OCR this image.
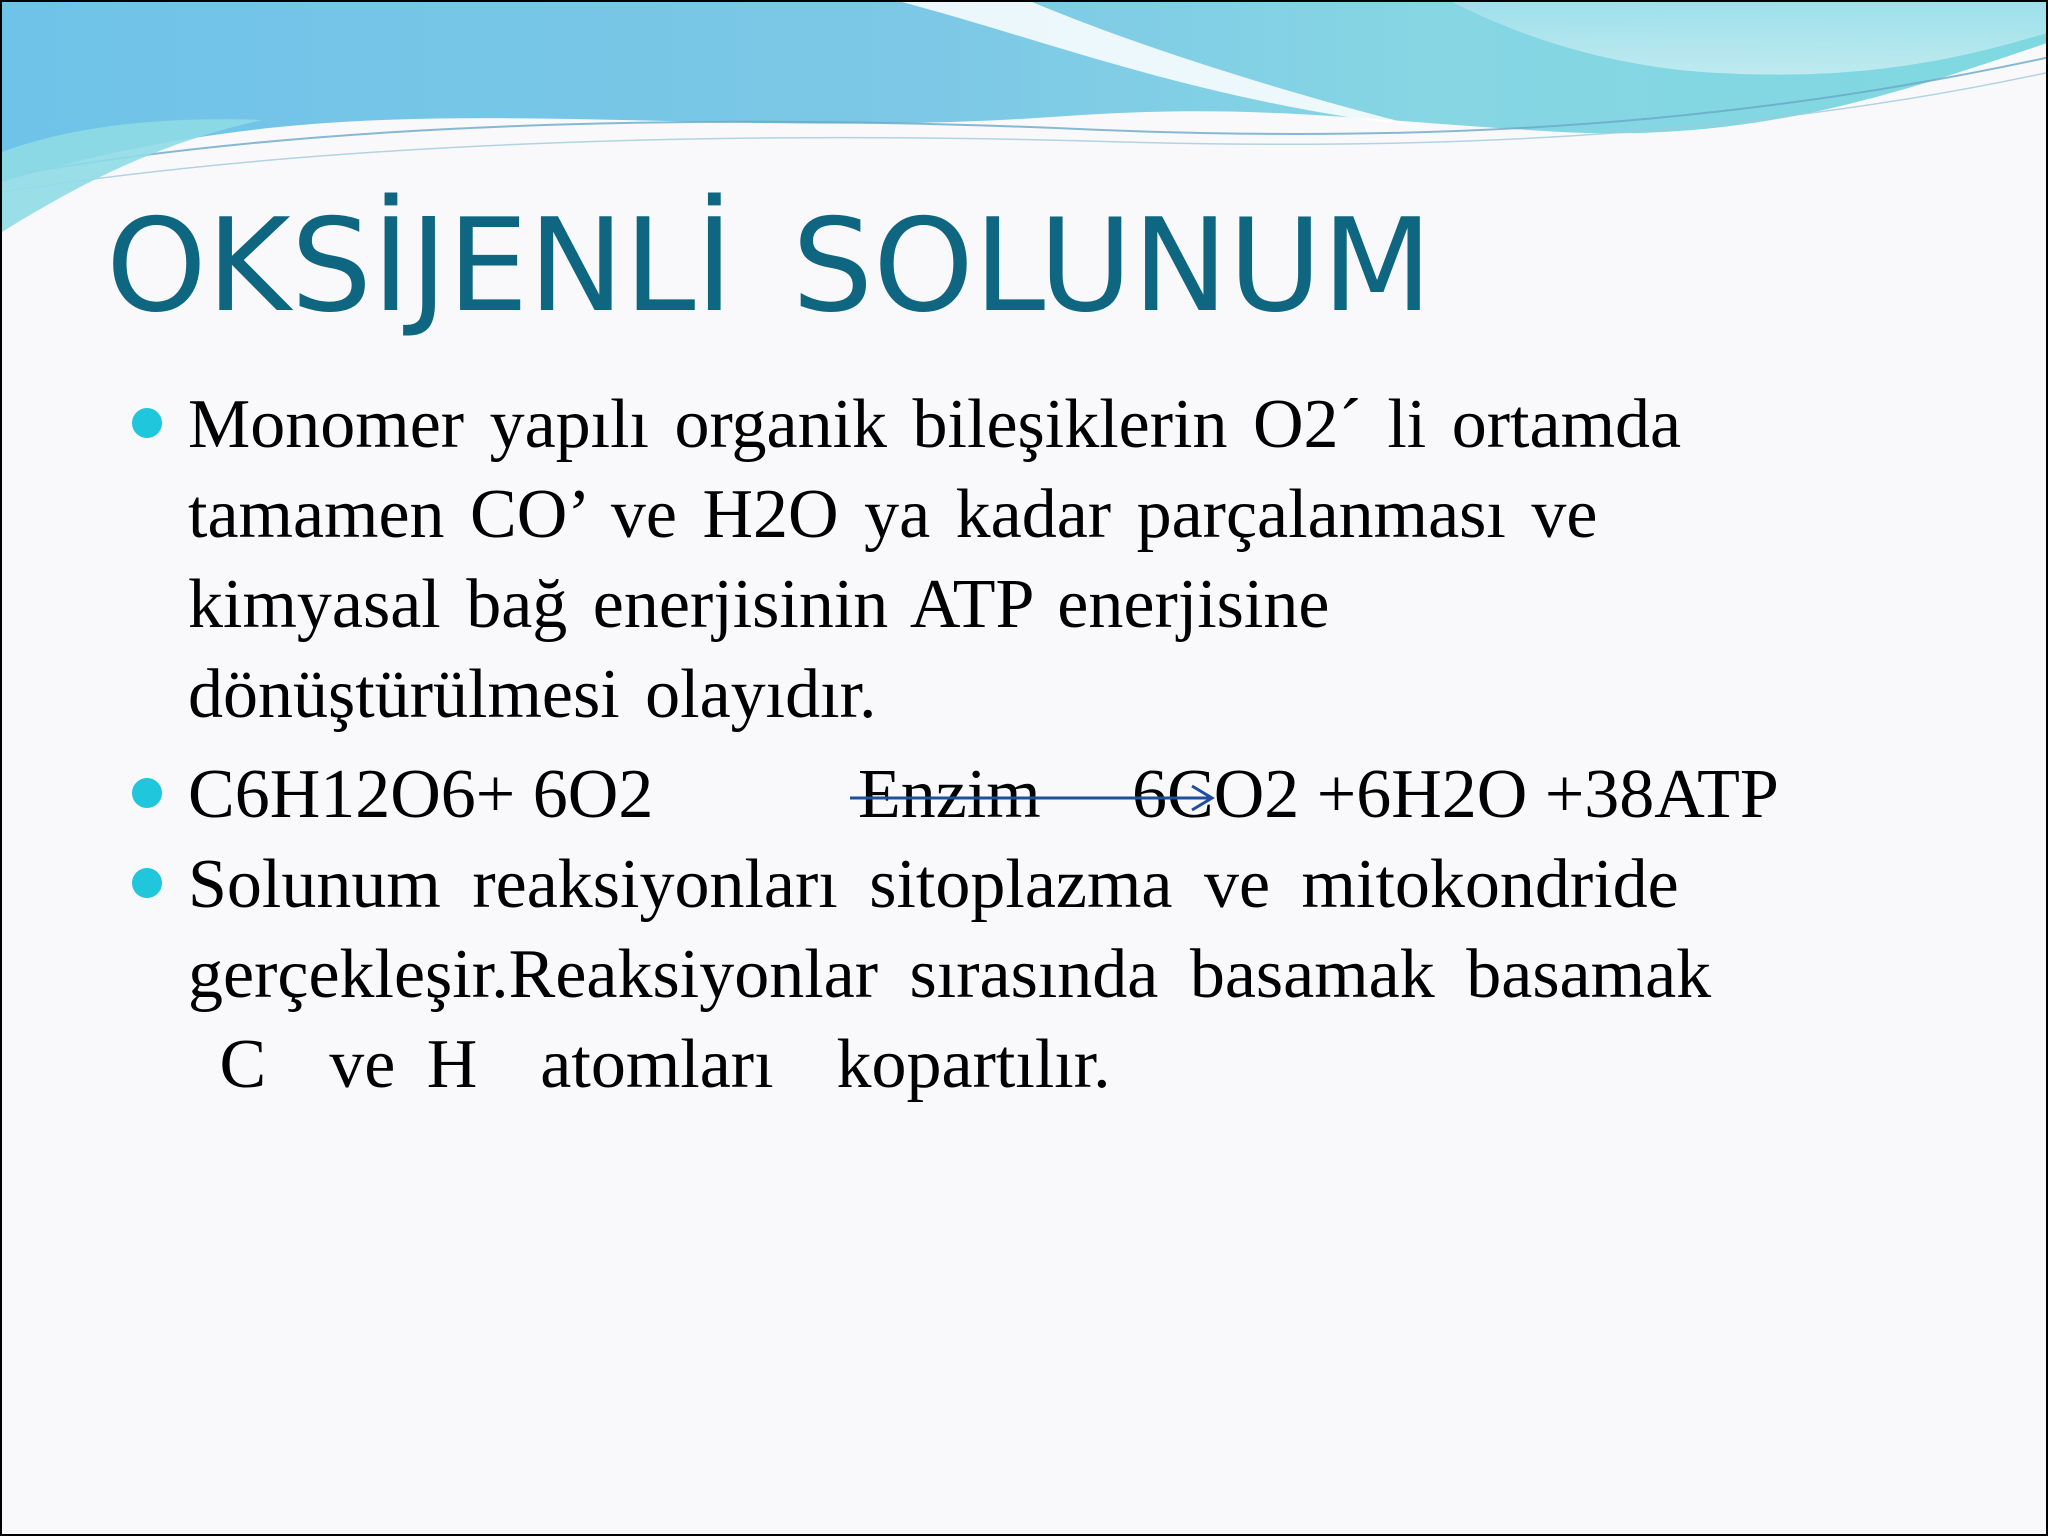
OKSİJENLİ SOLUNUM
Monomer yapılı organik bileşiklerin O2´ li ortamda
tamamen CO’ ve H2O ya kadar parçalanması ve
kimyasal bağ enerjisinin ATP enerjisine
dönüştürülmesi olayıdır.
C6H12O6+ 6O2	Enzim 6CO2 +6H2O +38ATP
Solunum reaksiyonları sitoplazma ve mitokondride
gerçekleşir.Reaksiyonlar sırasında basamak basamak
C  ve H  atomları  kopartılır.
